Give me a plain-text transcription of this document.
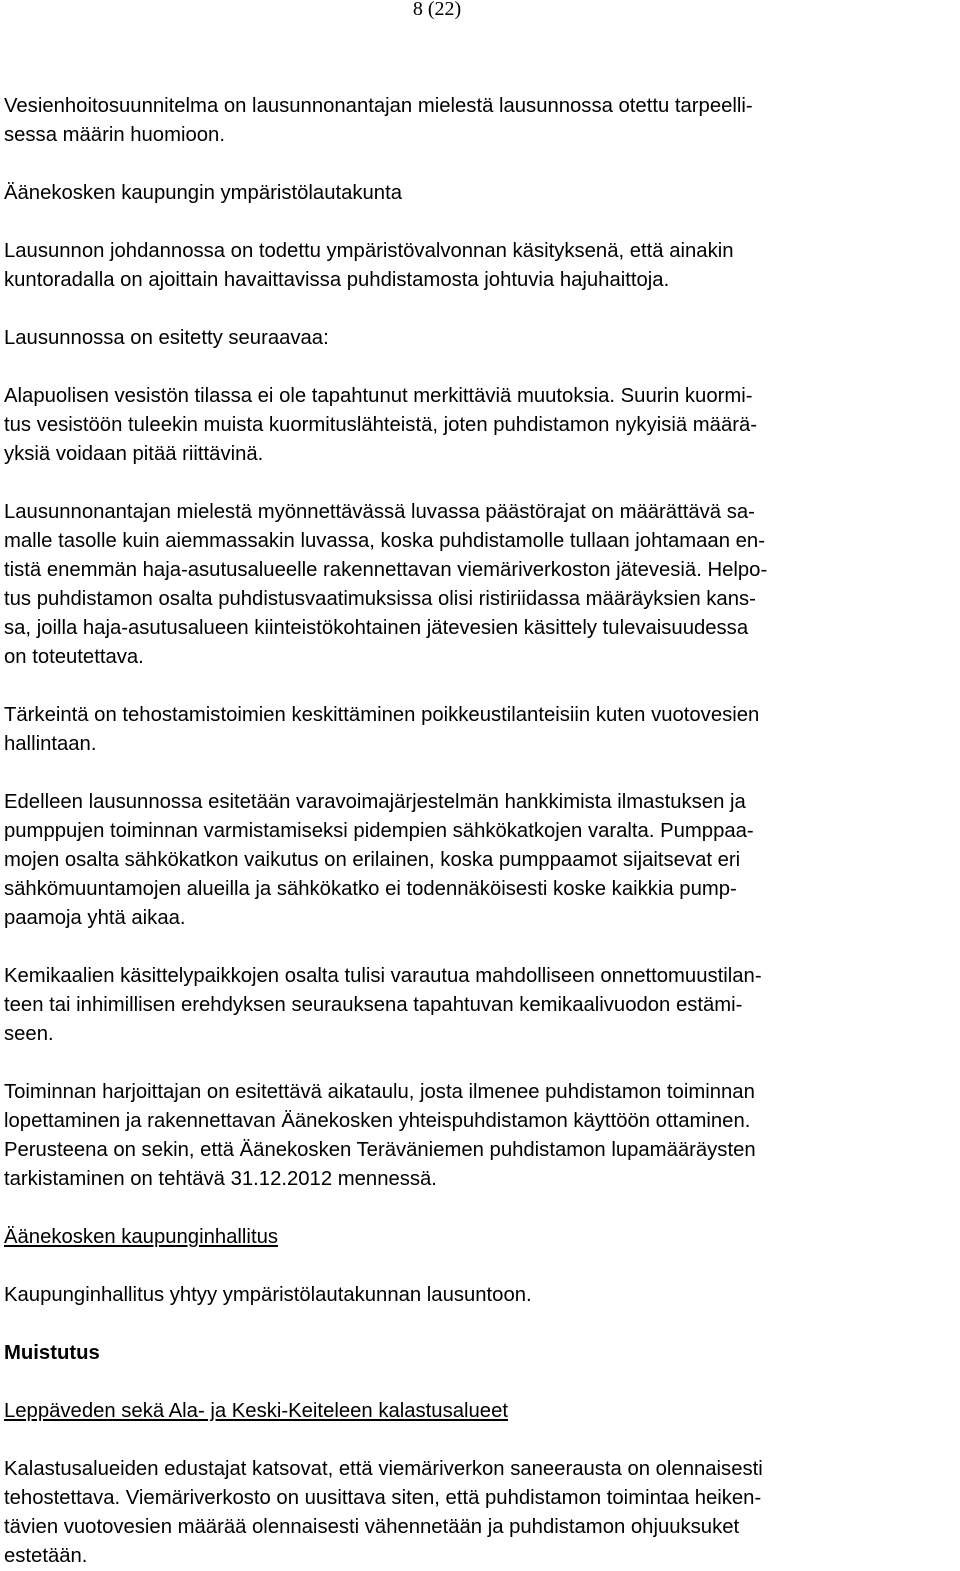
8 (22)

Vesienhoitosuunnitelma on lausunnonantajan mielestä lausunnossa otettu tarpeelli-
sessa määrin huomioon.

Äänekosken kaupungin ympäristölautakunta

Lausunnon johdannossa on todettu ympäristövalvonnan käsityksenä, että ainakin
kuntoradalla on ajoittain havaittavissa puhdistamosta johtuvia hajuhaittoja.

Lausunnossa on esitetty seuraavaa:

Alapuolisen vesistön tilassa ei ole tapahtunut merkittäviä muutoksia. Suurin kuormi-
tus vesistöön tuleekin muista kuormituslähteistä, joten puhdistamon nykyisiä määrä-
yksiä voidaan pitää riittävinä.

Lausunnonantajan mielestä myönnettävässä luvassa päästörajat on määrättävä sa-
malle tasolle kuin aiemmassakin luvassa, koska puhdistamolle tullaan johtamaan en-
tistä enemmän haja-asutusalueelle rakennettavan viemäriverkoston jätevesiä. Helpo-
tus puhdistamon osalta puhdistusvaatimuksissa olisi ristiriidassa määräyksien kans-
sa, joilla haja-asutusalueen kiinteistökohtainen jätevesien käsittely tulevaisuudessa
on toteutettava.

Tärkeintä on tehostamistoimien keskittäminen poikkeustilanteisiin kuten vuotovesien
hallintaan.

Edelleen lausunnossa esitetään varavoimajärjestelmän hankkimista ilmastuksen ja
pumppujen toiminnan varmistamiseksi pidempien sähkökatkojen varalta. Pumppaa-
mojen osalta sähkökatkon vaikutus on erilainen, koska pumppaamot sijaitsevat eri
sähkömuuntamojen alueilla ja sähkökatko ei todennäköisesti koske kaikkia pump-
paamoja yhtä aikaa.

Kemikaalien käsittelypaikkojen osalta tulisi varautua mahdolliseen onnettomuustilan-
teen tai inhimillisen erehdyksen seurauksena tapahtuvan kemikaalivuodon estämi-
seen.

Toiminnan harjoittajan on esitettävä aikataulu, josta ilmenee puhdistamon toiminnan
lopettaminen ja rakennettavan Äänekosken yhteispuhdistamon käyttöön ottaminen.
Perusteena on sekin, että Äänekosken Teräväniemen puhdistamon lupamääräysten
tarkistaminen on tehtävä 31.12.2012 mennessä.

Äänekosken kaupunginhallitus

Kaupunginhallitus yhtyy ympäristölautakunnan lausuntoon.

Muistutus

Leppäveden sekä Ala- ja Keski-Keiteleen kalastusalueet

Kalastusalueiden edustajat katsovat, että viemäriverkon saneerausta on olennaisesti
tehostettava. Viemäriverkosto on uusittava siten, että puhdistamon toimintaa heiken-
tävien vuotovesien määrää olennaisesti vähennetään ja puhdistamon ohjuuksuket
estetään.
